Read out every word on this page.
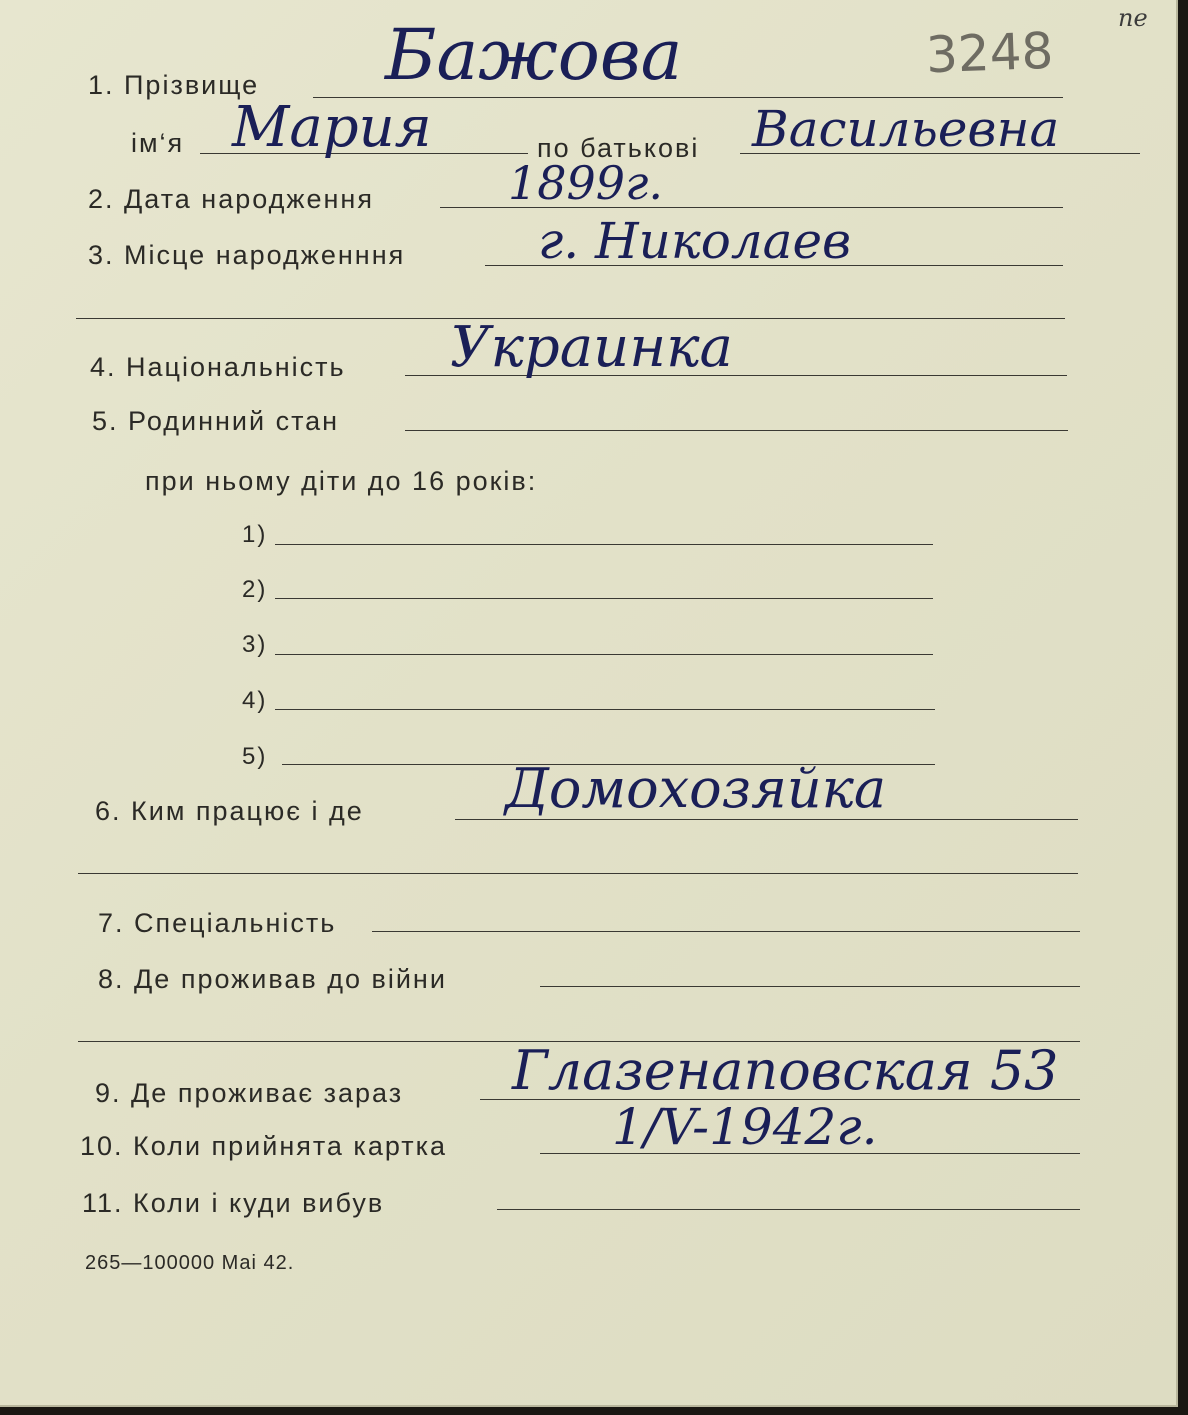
3248
пе
1. Прізвище Бажова
ім‘я Мария	по батькові Васильевна
2. Дата народження	1899г.
3. Місце народженння	г. Николаев
4. Національність Украинка
5. Родинний стан
при ньому діти до 16 років:
1)
2)
3)
4)
5)
6. Ким працює і де	Домохозяйка
7. Спеціальність
8. Де проживав до війни
9. Де проживає зараз Глазенаповская 53
10. Коли прийнята картка	1/V-1942г.
11. Коли і куди вибув
265—100000 Mai 42.
